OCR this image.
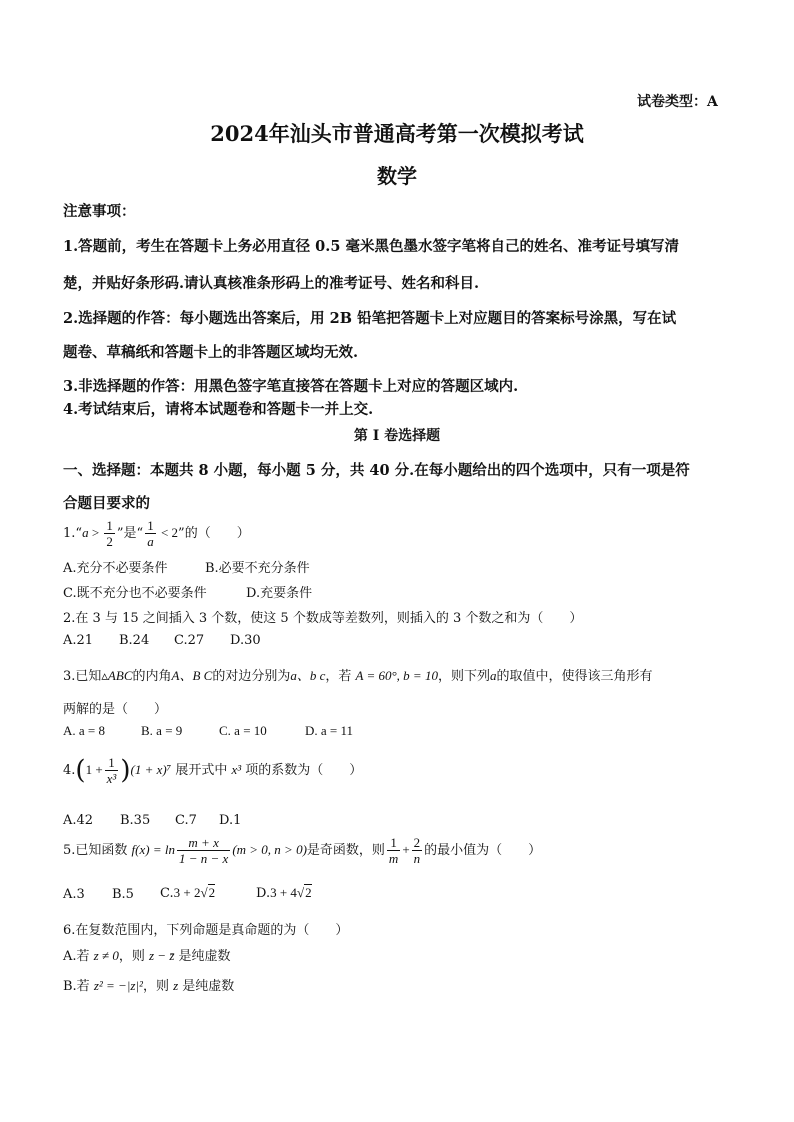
试卷类型：A
2024年汕头市普通高考第一次模拟考试
数学
注意事项：
1.答题前，考生在答题卡上务必用直径 0.5 毫米黑色墨水签字笔将自己的姓名、准考证号填写清
楚，并贴好条形码.请认真核准条形码上的准考证号、姓名和科目.
2.选择题的作答：每小题选出答案后，用 2B 铅笔把答题卡上对应题目的答案标号涂黑，写在试
题卷、草稿纸和答题卡上的非答题区域均无效.
3.非选择题的作答：用黑色签字笔直接答在答题卡上对应的答题区域内.
4.考试结束后，请将本试题卷和答题卡一并上交.
第 I 卷选择题
一、选择题：本题共 8 小题，每小题 5 分，共 40 分.在每小题给出的四个选项中，只有一项是符
合题目要求的
1.“a > $\frac{1}{2}$ ”是“ $\frac{1}{a} < 2$”的（　　）
A.充分不必要条件	B.必要不充分条件
C.既不充分也不必要条件	D.充要条件
2.在 3 与 15 之间插入 3 个数，使这 5 个数成等差数列，则插入的 3 个数之和为（　　）
A.21 B.24 C.27 D.30
3.已知▵ABC的内角A、B C的对边分别为a、b c，若 A = 60°, b = 10，则下列a的取值中，使得该三角形有
两解的是（　　）
A. a = 8	B. a = 9	C. a = 10	D. a = 11
$4.(1 + \frac{1}{\text{x³}} )(1 + x)^7$ 展开式中 x³ 项的系数为（　　）
A.42 B.35 C.7 D.1
5.已知函数 $f(x) = \ln \frac{m + x}{1 - n - x} (m > 0$, n > 0)是奇函数，则 $\frac{1}{m} + \frac{2}{n}$ 的最小值为（　　）
A.3 B.5 C.3 + 2√2	D.3 + 4√2
6.在复数范围内，下列命题是真命题的为（　　）
A.若 z ≠ 0，则 z − z̄ 是纯虚数
B.若 z² = −|z|²，则 z 是纯虚数
